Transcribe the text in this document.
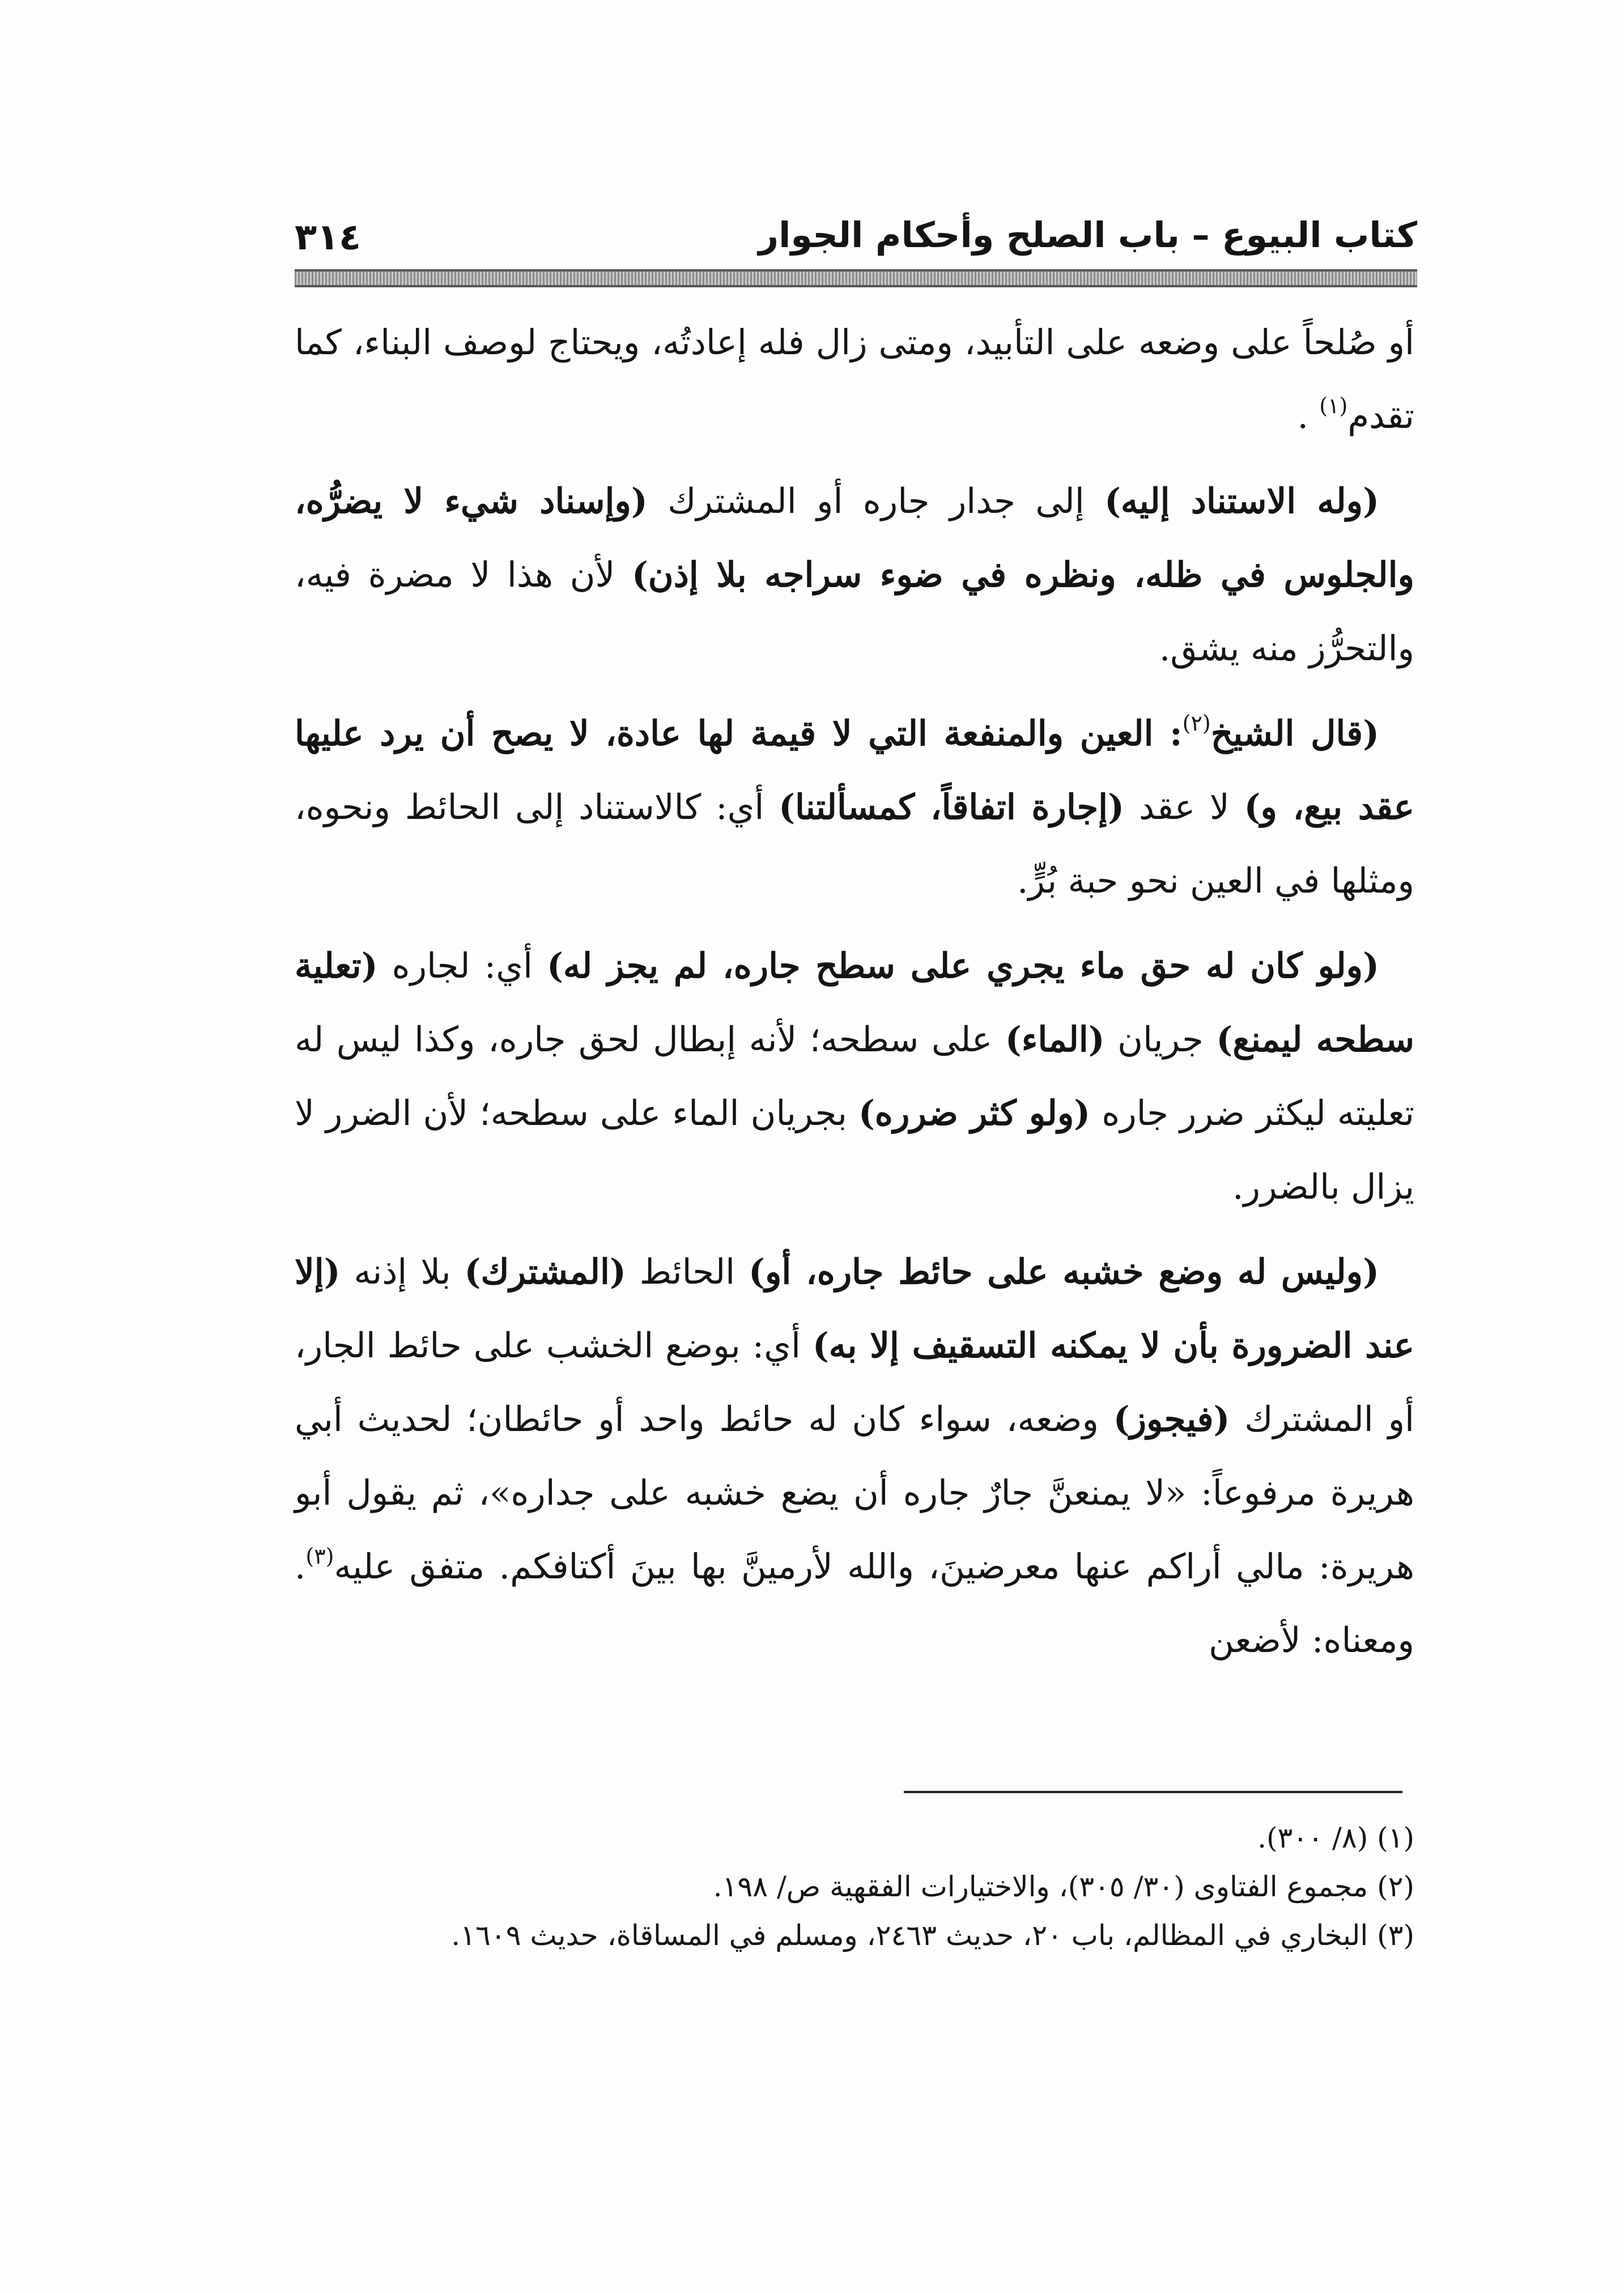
كتاب البيوع – باب الصلح وأحكام الجوار
٣١٤

أو صُلحاً على وضعه على التأبيد، ومتى زال فله إعادتُه، ويحتاج لوصف البناء، كما تقدم$^{(١)}$ .

(وله الاستناد إليه) إلى جدار جاره أو المشترك (وإسناد شيء لا يضرُّه، والجلوس في ظله، ونظره في ضوء سراجه بلا إذن) لأن هذا لا مضرة فيه، والتحرُّز منه يشق.

(قال الشيخ$^{(٢)}$: العين والمنفعة التي لا قيمة لها عادة، لا يصح أن يرد عليها عقد بيع، و) لا عقد (إجارة اتفاقاً، كمسألتنا) أي: كالاستناد إلى الحائط ونحوه، ومثلها في العين نحو حبة بُرٍّ.

(ولو كان له حق ماء يجري على سطح جاره، لم يجز له) أي: لجاره (تعلية سطحه ليمنع) جريان (الماء) على سطحه؛ لأنه إبطال لحق جاره، وكذا ليس له تعليته ليكثر ضرر جاره (ولو كثر ضرره) بجريان الماء على سطحه؛ لأن الضرر لا يزال بالضرر.

(وليس له وضع خشبه على حائط جاره، أو) الحائط (المشترك) بلا إذنه (إلا عند الضرورة بأن لا يمكنه التسقيف إلا به) أي: بوضع الخشب على حائط الجار، أو المشترك (فيجوز) وضعه، سواء كان له حائط واحد أو حائطان؛ لحديث أبي هريرة مرفوعاً: «لا يمنعنَّ جارٌ جاره أن يضع خشبه على جداره»، ثم يقول أبو هريرة: مالي أراكم عنها معرضينَ، والله لأرمينَّ بها بينَ أكتافكم. متفق عليه$^{(٣)}$. ومعناه: لأضعن

(١) (٨/ ٣٠٠).

(٢) مجموع الفتاوى (٣٠/ ٣٠٥)، والاختيارات الفقهية ص/ ١٩٨.

(٣) البخاري في المظالم، باب ٢٠، حديث ٢٤٦٣، ومسلم في المساقاة، حديث ١٦٠٩.
